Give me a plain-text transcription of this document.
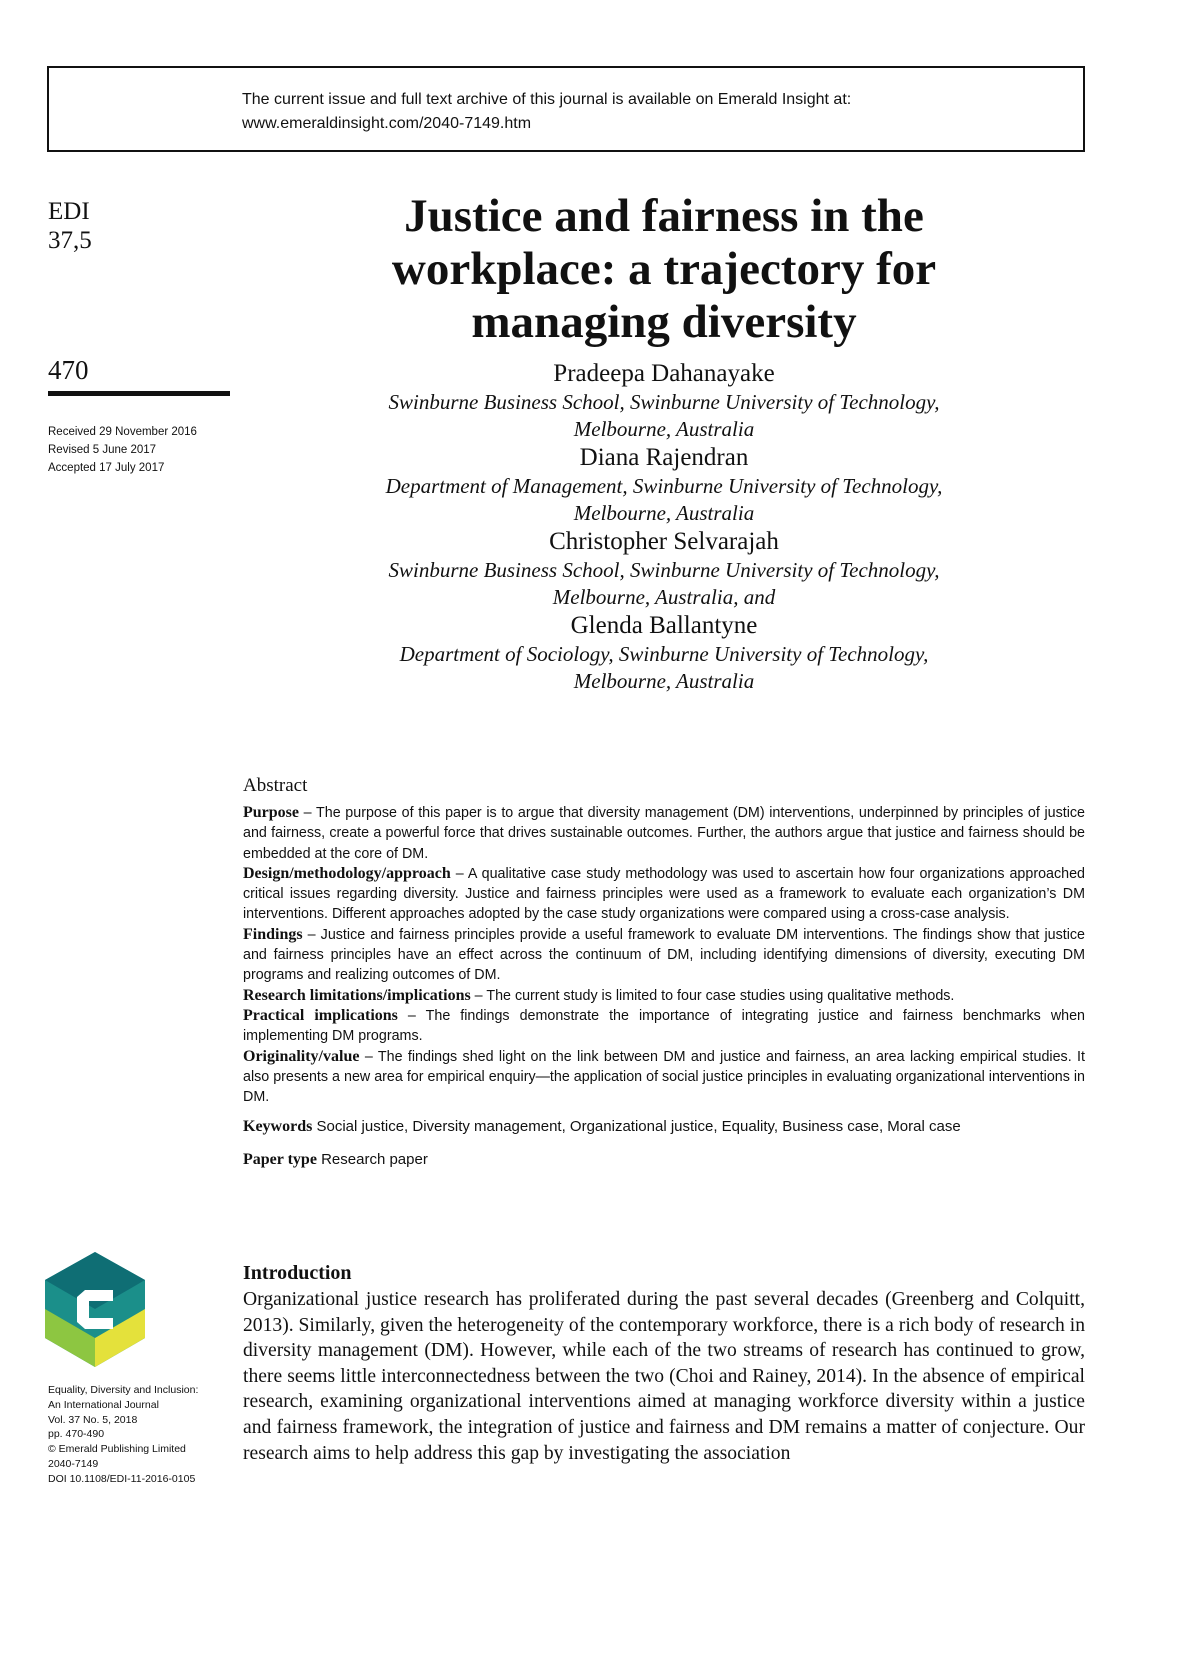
The current issue and full text archive of this journal is available on Emerald Insight at:
www.emeraldinsight.com/2040-7149.htm
EDI
37,5
470
Received 29 November 2016
Revised 5 June 2017
Accepted 17 July 2017
Justice and fairness in the
workplace: a trajectory for
managing diversity
Pradeepa Dahanayake
Swinburne Business School, Swinburne University of Technology,
Melbourne, Australia
Diana Rajendran
Department of Management, Swinburne University of Technology,
Melbourne, Australia
Christopher Selvarajah
Swinburne Business School, Swinburne University of Technology,
Melbourne, Australia, and
Glenda Ballantyne
Department of Sociology, Swinburne University of Technology,
Melbourne, Australia
Abstract

Purpose – The purpose of this paper is to argue that diversity management (DM) interventions, underpinned by principles of justice and fairness, create a powerful force that drives sustainable outcomes. Further, the authors argue that justice and fairness should be embedded at the core of DM.

Design/methodology/approach – A qualitative case study methodology was used to ascertain how four organizations approached critical issues regarding diversity. Justice and fairness principles were used as a framework to evaluate each organization’s DM interventions. Different approaches adopted by the case study organizations were compared using a cross-case analysis.

Findings – Justice and fairness principles provide a useful framework to evaluate DM interventions. The findings show that justice and fairness principles have an effect across the continuum of DM, including identifying dimensions of diversity, executing DM programs and realizing outcomes of DM.

Research limitations/implications – The current study is limited to four case studies using qualitative methods.

Practical implications – The findings demonstrate the importance of integrating justice and fairness benchmarks when implementing DM programs.

Originality/value – The findings shed light on the link between DM and justice and fairness, an area lacking empirical studies. It also presents a new area for empirical enquiry—the application of social justice principles in evaluating organizational interventions in DM.

Keywords Social justice, Diversity management, Organizational justice, Equality, Business case, Moral case
Paper type Research paper
Introduction
Organizational justice research has proliferated during the past several decades (Greenberg and Colquitt, 2013). Similarly, given the heterogeneity of the contemporary workforce, there is a rich body of research in diversity management (DM). However, while each of the two streams of research has continued to grow, there seems little interconnectedness between the two (Choi and Rainey, 2014). In the absence of empirical research, examining organizational interventions aimed at managing workforce diversity within a justice and fairness framework, the integration of justice and fairness and DM remains a matter of conjecture. Our research aims to help address this gap by investigating the association
Equality, Diversity and Inclusion:
An International Journal
Vol. 37 No. 5, 2018
pp. 470-490
© Emerald Publishing Limited
2040-7149
DOI 10.1108/EDI-11-2016-0105
